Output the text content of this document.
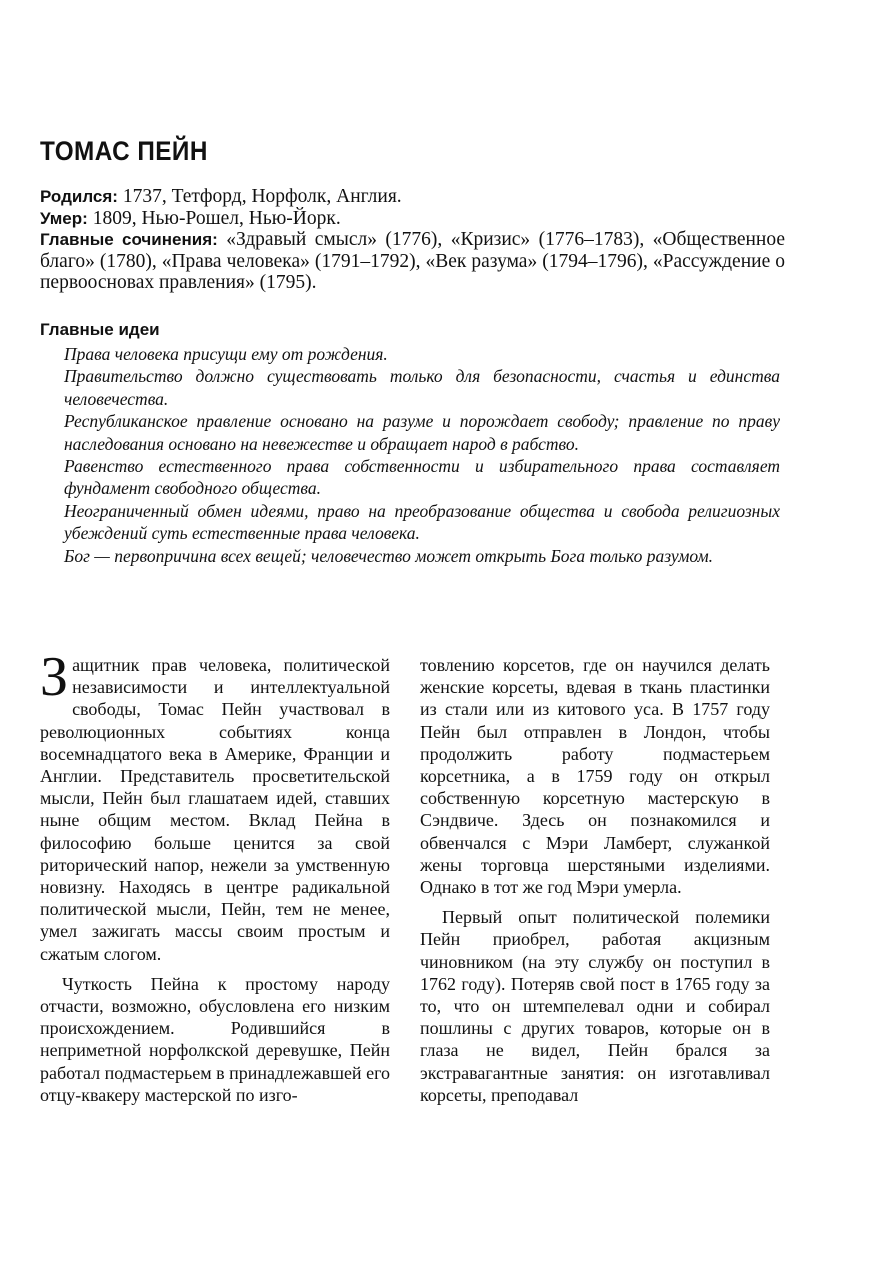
ТОМАС ПЕЙН

Родился: 1737, Тетфорд, Норфолк, Англия.

Умер: 1809, Нью-Рошел, Нью-Йорк.

Главные сочинения: «Здравый смысл» (1776), «Кризис» (1776–1783), «Общественное благо» (1780), «Права человека» (1791–1792), «Век разума» (1794–1796), «Рассуждение о первоосновах правления» (1795).

Главные идеи

Права человека присущи ему от рождения.

Правительство должно существовать только для безопасности, счастья и единства человечества.

Республиканское правление основано на разуме и порождает свободу; правление по праву наследования основано на невежестве и обращает народ в рабство.

Равенство естественного права собственности и избирательного права составляет фундамент свободного общества.

Неограниченный обмен идеями, право на преобразование общества и свобода религиозных убеждений суть естественные права человека.

Бог — первопричина всех вещей; человечество может открыть Бога только разумом.

Защитник прав человека, политической независимости и интеллектуальной свободы, Томас Пейн участвовал в революционных событиях конца восемнадцатого века в Америке, Франции и Англии. Представитель просветительской мысли, Пейн был глашатаем идей, ставших ныне общим местом. Вклад Пейна в философию больше ценится за свой риторический напор, нежели за умственную новизну. Находясь в центре радикальной политической мысли, Пейн, тем не менее, умел зажигать массы своим простым и сжатым слогом.

Чуткость Пейна к простому народу отчасти, возможно, обусловлена его низким происхождением. Родившийся в неприметной норфолкской деревушке, Пейн работал подмастерьем в принадлежавшей его отцу-квакеру мастерской по изго-

товлению корсетов, где он научился делать женские корсеты, вдевая в ткань пластинки из стали или из китового уса. В 1757 году Пейн был отправлен в Лондон, чтобы продолжить работу подмастерьем корсетника, а в 1759 году он открыл собственную корсетную мастерскую в Сэндвиче. Здесь он познакомился и обвенчался с Мэри Ламберт, служанкой жены торговца шерстяными изделиями. Однако в тот же год Мэри умерла.

Первый опыт политической полемики Пейн приобрел, работая акцизным чиновником (на эту службу он поступил в 1762 году). Потеряв свой пост в 1765 году за то, что он штемпелевал одни и собирал пошлины с других товаров, которые он в глаза не видел, Пейн брался за экстравагантные занятия: он изготавливал корсеты, преподавал
